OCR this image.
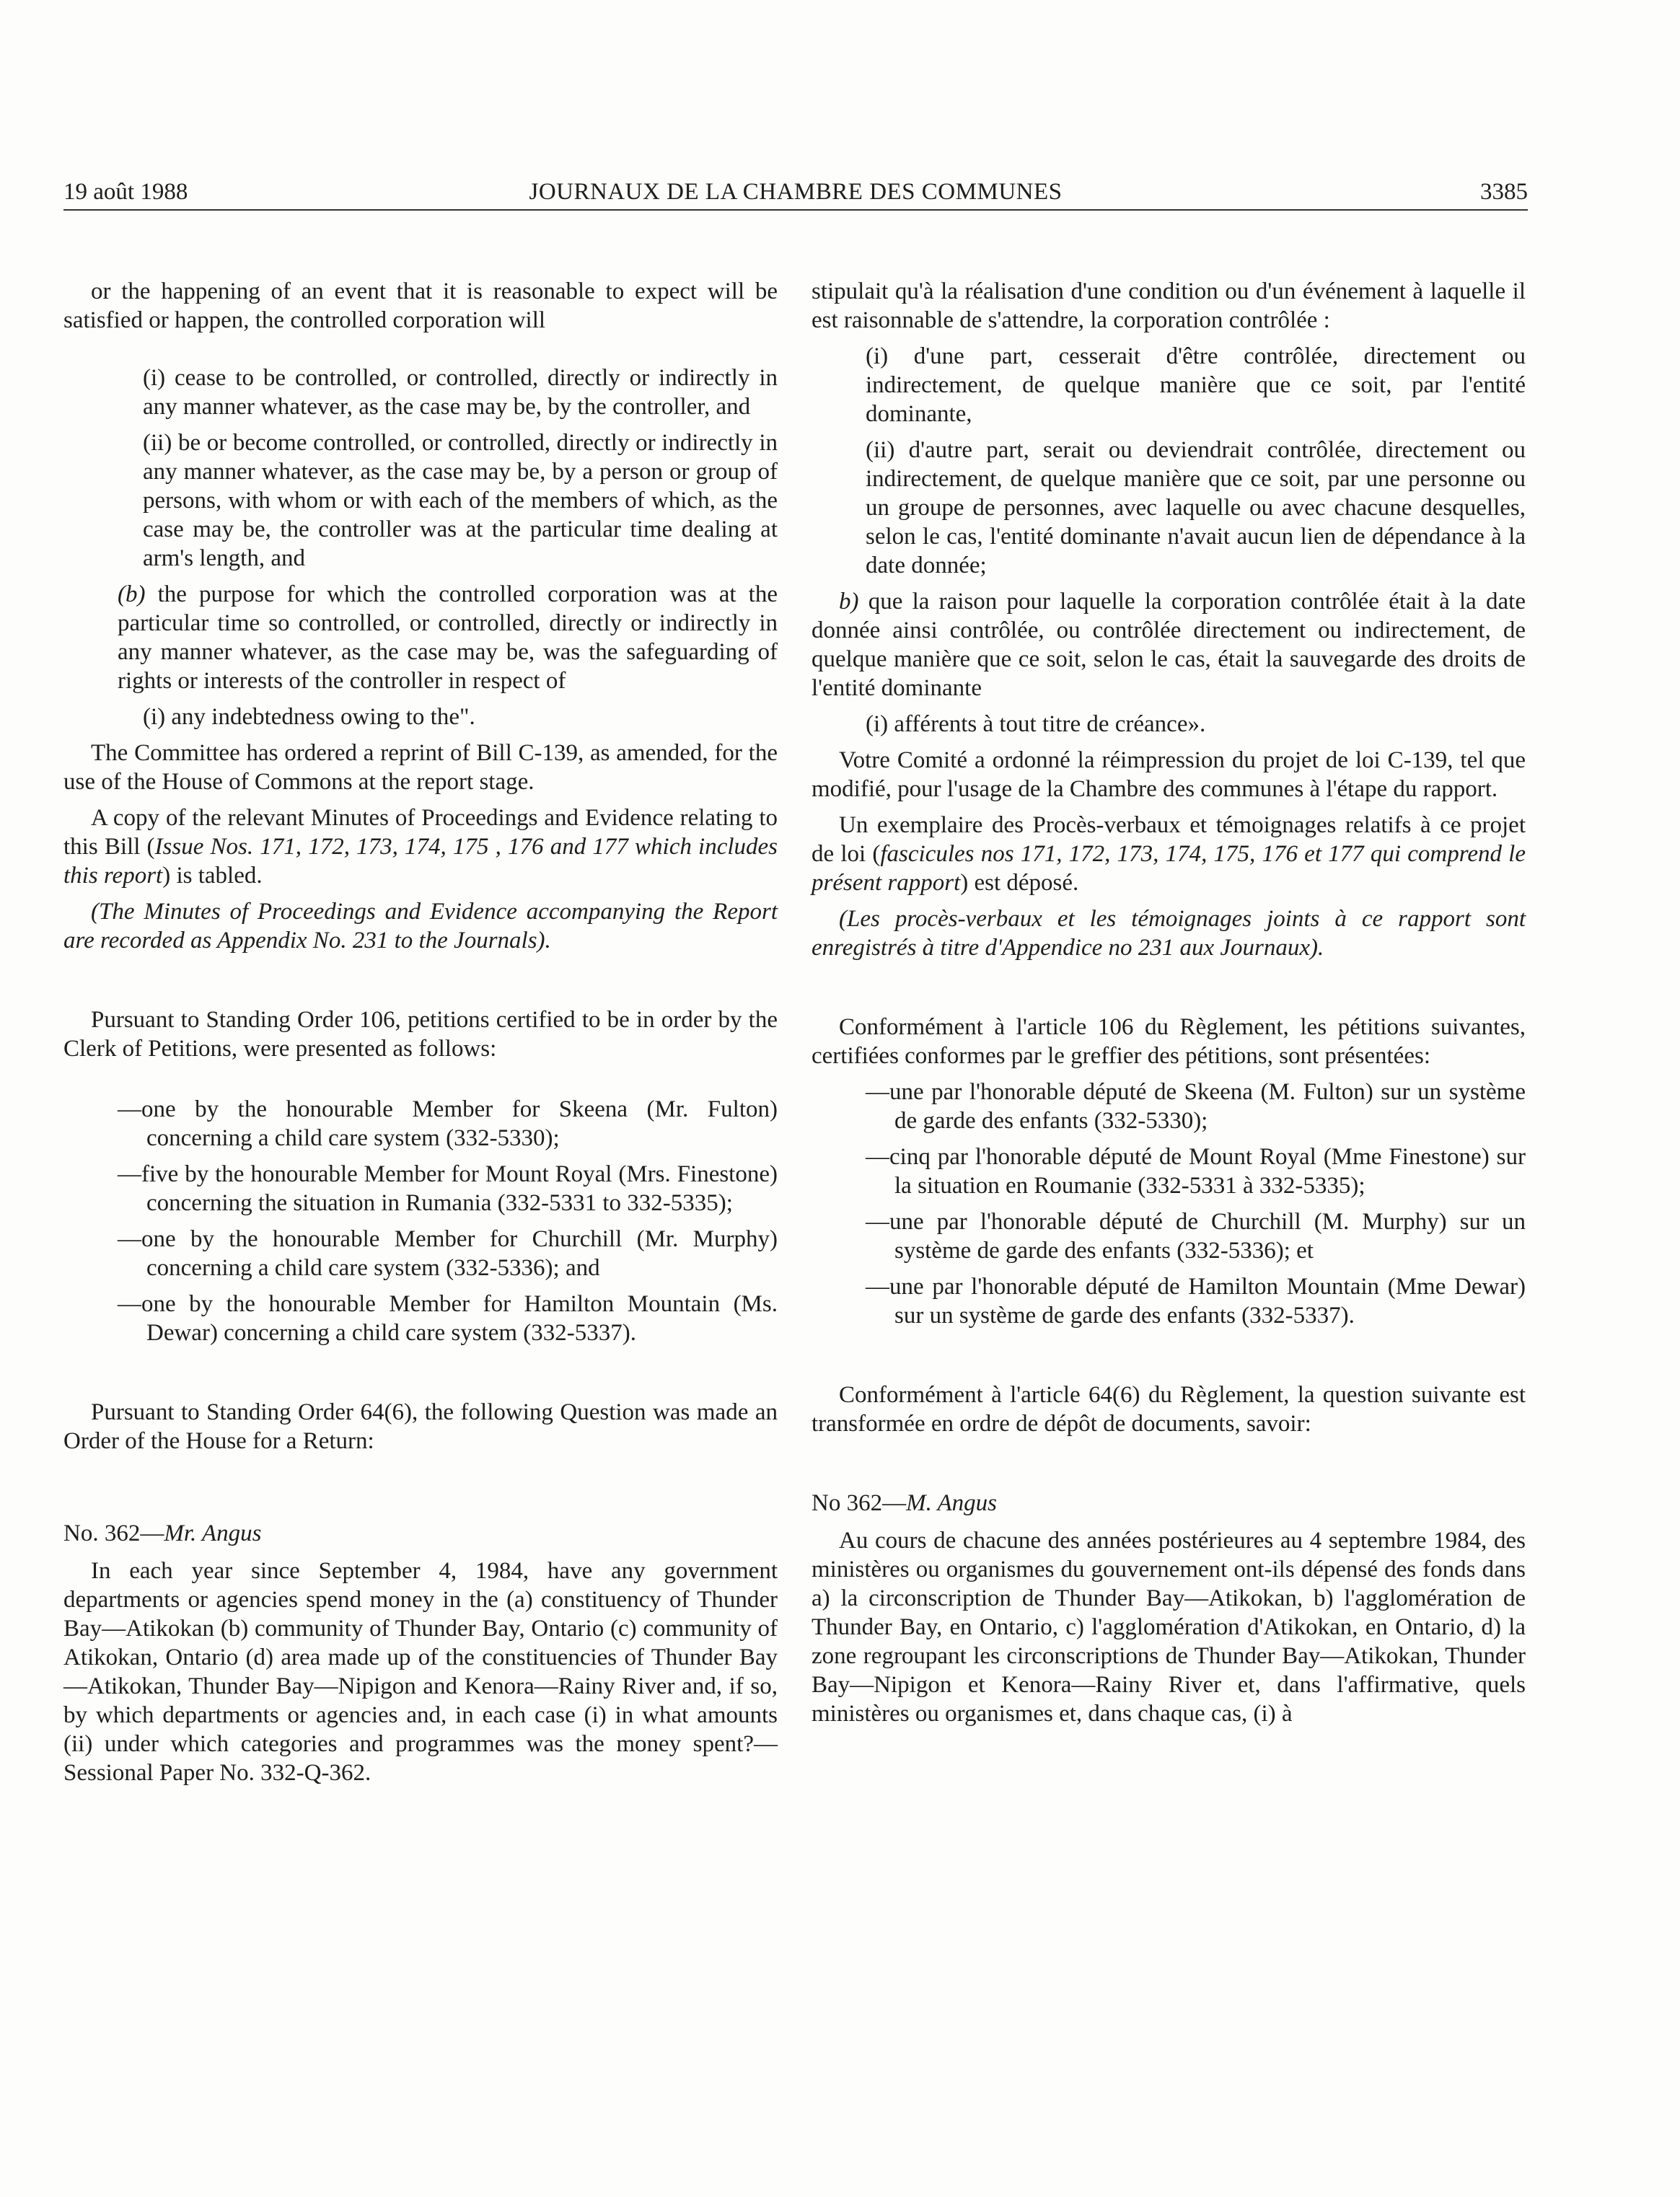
19 août 1988	JOURNAUX DE LA CHAMBRE DES COMMUNES	3385

or the happening of an event that it is reasonable to expect will be satisfied or happen, the controlled corporation will

(i) cease to be controlled, or controlled, directly or indirectly in any manner whatever, as the case may be, by the controller, and

(ii) be or become controlled, or controlled, directly or indirectly in any manner whatever, as the case may be, by a person or group of persons, with whom or with each of the members of which, as the case may be, the controller was at the particular time dealing at arm's length, and

(b) the purpose for which the controlled corporation was at the particular time so controlled, or controlled, directly or indirectly in any manner whatever, as the case may be, was the safeguarding of rights or interests of the controller in respect of

(i) any indebtedness owing to the".

The Committee has ordered a reprint of Bill C-139, as amended, for the use of the House of Commons at the report stage.

A copy of the relevant Minutes of Proceedings and Evidence relating to this Bill (Issue Nos. 171, 172, 173, 174, 175 , 176 and 177 which includes this report) is tabled.

(The Minutes of Proceedings and Evidence accompanying the Report are recorded as Appendix No. 231 to the Journals).

Pursuant to Standing Order 106, petitions certified to be in order by the Clerk of Petitions, were presented as follows:

—one by the honourable Member for Skeena (Mr. Fulton) concerning a child care system (332-5330);

—five by the honourable Member for Mount Royal (Mrs. Finestone) concerning the situation in Rumania (332-5331 to 332-5335);

—one by the honourable Member for Churchill (Mr. Murphy) concerning a child care system (332-5336); and

—one by the honourable Member for Hamilton Mountain (Ms. Dewar) concerning a child care system (332-5337).

Pursuant to Standing Order 64(6), the following Question was made an Order of the House for a Return:

No. 362—Mr. Angus

In each year since September 4, 1984, have any government departments or agencies spend money in the (a) constituency of Thunder Bay—Atikokan (b) community of Thunder Bay, Ontario (c) community of Atikokan, Ontario (d) area made up of the constituencies of Thunder Bay—Atikokan, Thunder Bay—Nipigon and Kenora—Rainy River and, if so, by which departments or agencies and, in each case (i) in what amounts (ii) under which categories and programmes was the money spent?—Sessional Paper No. 332-Q-362.

stipulait qu'à la réalisation d'une condition ou d'un événement à laquelle il est raisonnable de s'attendre, la corporation contrôlée :

(i) d'une part, cesserait d'être contrôlée, directement ou indirectement, de quelque manière que ce soit, par l'entité dominante,

(ii) d'autre part, serait ou deviendrait contrôlée, directement ou indirectement, de quelque manière que ce soit, par une personne ou un groupe de personnes, avec laquelle ou avec chacune desquelles, selon le cas, l'entité dominante n'avait aucun lien de dépendance à la date donnée;

b) que la raison pour laquelle la corporation contrôlée était à la date donnée ainsi contrôlée, ou contrôlée directement ou indirectement, de quelque manière que ce soit, selon le cas, était la sauvegarde des droits de l'entité dominante

(i) afférents à tout titre de créance».

Votre Comité a ordonné la réimpression du projet de loi C-139, tel que modifié, pour l'usage de la Chambre des communes à l'étape du rapport.

Un exemplaire des Procès-verbaux et témoignages relatifs à ce projet de loi (fascicules nos 171, 172, 173, 174, 175, 176 et 177 qui comprend le présent rapport) est déposé.

(Les procès-verbaux et les témoignages joints à ce rapport sont enregistrés à titre d'Appendice no 231 aux Journaux).

Conformément à l'article 106 du Règlement, les pétitions suivantes, certifiées conformes par le greffier des pétitions, sont présentées:

—une par l'honorable député de Skeena (M. Fulton) sur un système de garde des enfants (332-5330);

—cinq par l'honorable député de Mount Royal (Mme Finestone) sur la situation en Roumanie (332-5331 à 332-5335);

—une par l'honorable député de Churchill (M. Murphy) sur un système de garde des enfants (332-5336); et

—une par l'honorable député de Hamilton Mountain (Mme Dewar) sur un système de garde des enfants (332-5337).

Conformément à l'article 64(6) du Règlement, la question suivante est transformée en ordre de dépôt de documents, savoir:

No 362—M. Angus

Au cours de chacune des années postérieures au 4 septembre 1984, des ministères ou organismes du gouvernement ont-ils dépensé des fonds dans a) la circonscription de Thunder Bay—Atikokan, b) l'agglomération de Thunder Bay, en Ontario, c) l'agglomération d'Atikokan, en Ontario, d) la zone regroupant les circonscriptions de Thunder Bay—Atikokan, Thunder Bay—Nipigon et Kenora—Rainy River et, dans l'affirmative, quels ministères ou organismes et, dans chaque cas, (i) à
